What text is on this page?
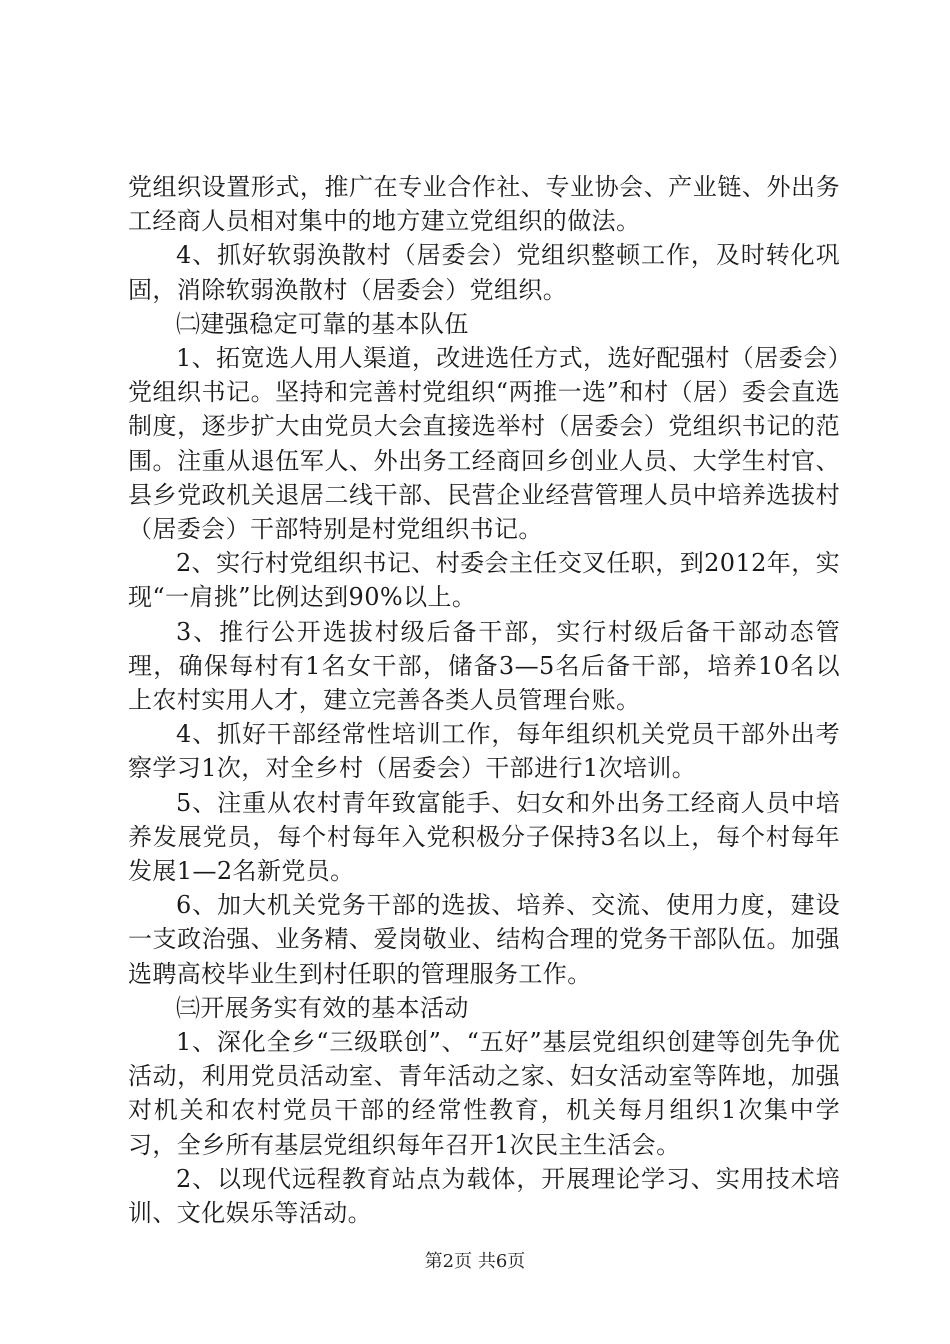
党组织设置形式，推广在专业合作社、专业协会、产业链、外出务工经商人员相对集中的地方建立党组织的做法。

4、抓好软弱涣散村（居委会）党组织整顿工作，及时转化巩固，消除软弱涣散村（居委会）党组织。

㈡建强稳定可靠的基本队伍

1、拓宽选人用人渠道，改进选任方式，选好配强村（居委会）党组织书记。坚持和完善村党组织“两推一选”和村（居）委会直选制度，逐步扩大由党员大会直接选举村（居委会）党组织书记的范围。注重从退伍军人、外出务工经商回乡创业人员、大学生村官、县乡党政机关退居二线干部、民营企业经营管理人员中培养选拔村（居委会）干部特别是村党组织书记。

2、实行村党组织书记、村委会主任交叉任职，到2012年，实现“一肩挑”比例达到90%以上。

3、推行公开选拔村级后备干部，实行村级后备干部动态管理，确保每村有1名女干部，储备3—5名后备干部，培养10名以上农村实用人才，建立完善各类人员管理台账。

4、抓好干部经常性培训工作，每年组织机关党员干部外出考察学习1次，对全乡村（居委会）干部进行1次培训。

5、注重从农村青年致富能手、妇女和外出务工经商人员中培养发展党员，每个村每年入党积极分子保持3名以上，每个村每年发展1—2名新党员。

6、加大机关党务干部的选拔、培养、交流、使用力度，建设一支政治强、业务精、爱岗敬业、结构合理的党务干部队伍。加强选聘高校毕业生到村任职的管理服务工作。

㈢开展务实有效的基本活动

1、深化全乡“三级联创”、“五好”基层党组织创建等创先争优活动，利用党员活动室、青年活动之家、妇女活动室等阵地，加强对机关和农村党员干部的经常性教育，机关每月组织1次集中学习，全乡所有基层党组织每年召开1次民主生活会。

2、以现代远程教育站点为载体，开展理论学习、实用技术培训、文化娱乐等活动。

第2页 共6页
